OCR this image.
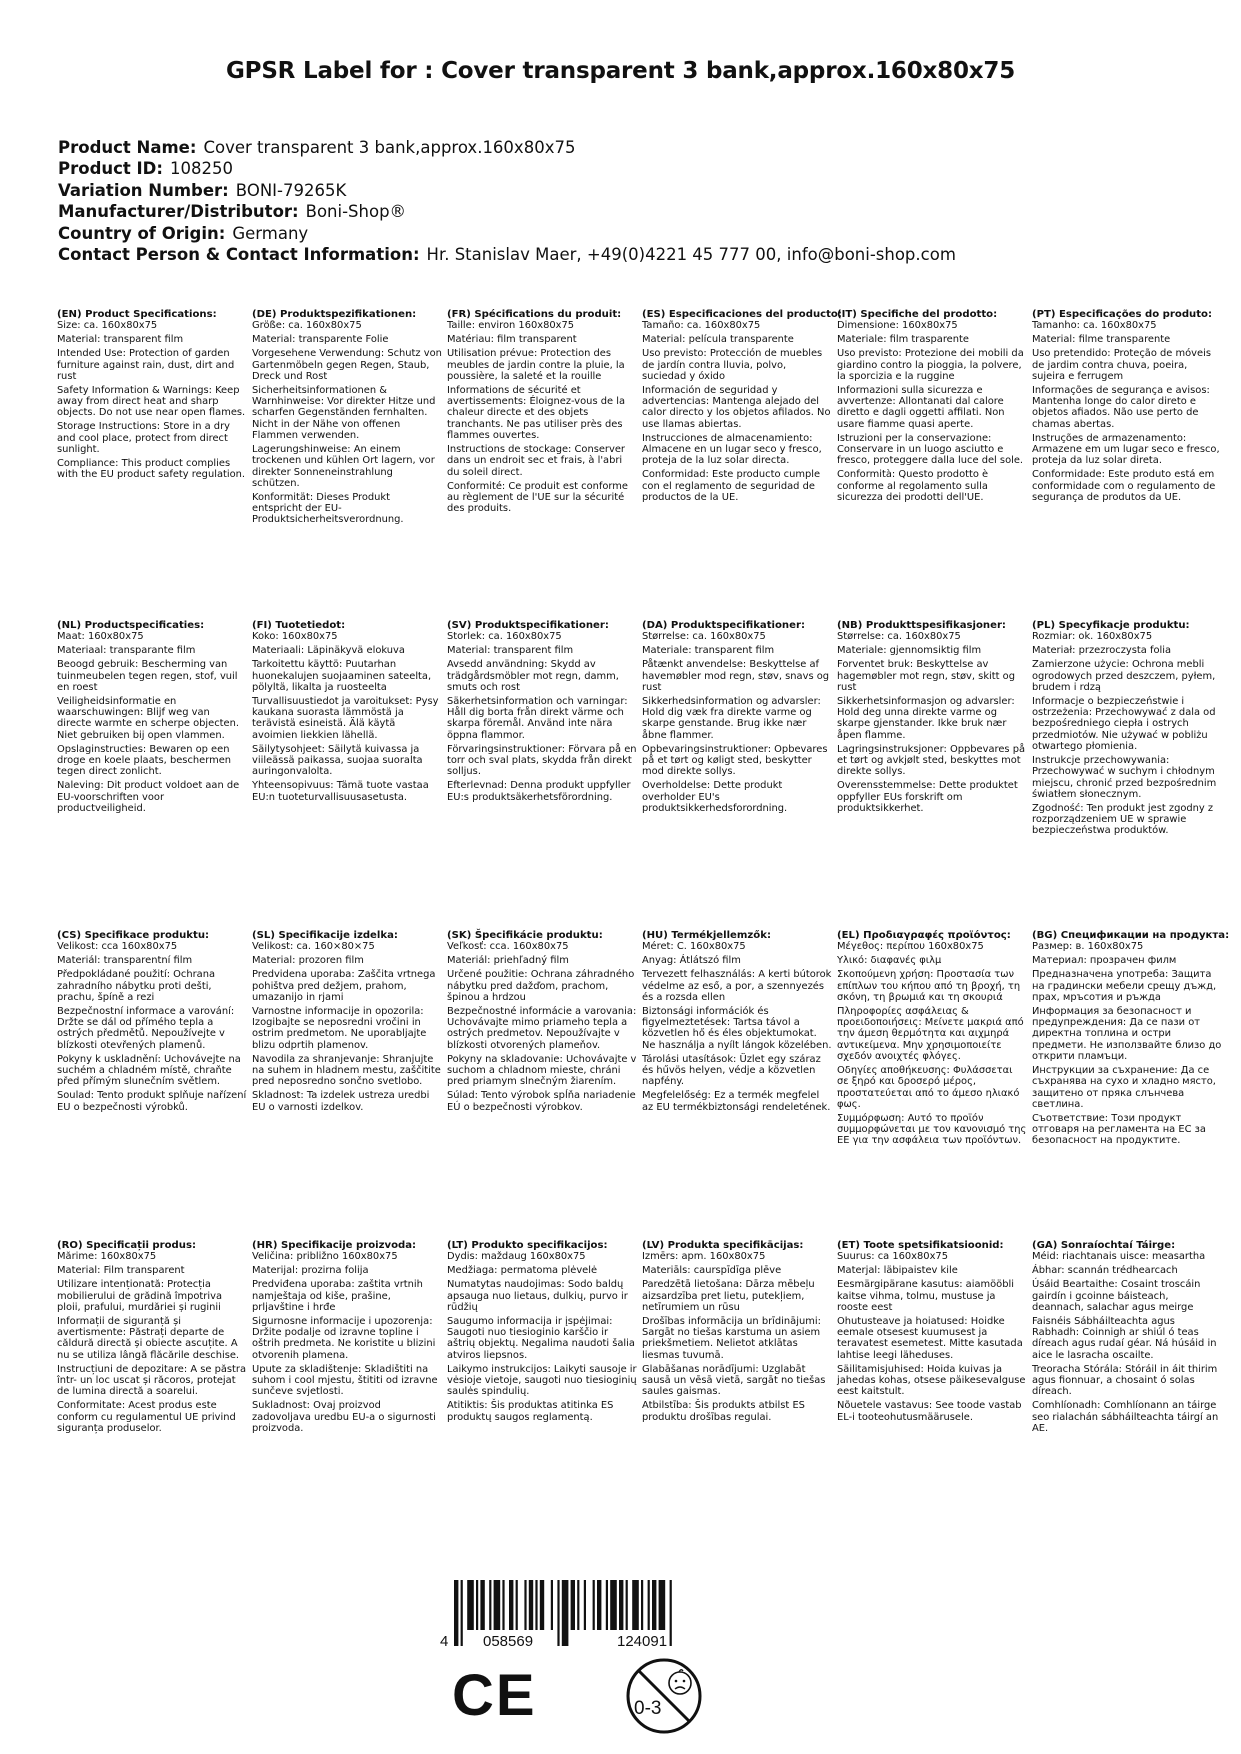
GPSR Label for : Cover transparent 3 bank,approx.160x80x75
Product Name: Cover transparent 3 bank,approx.160x80x75
Product ID: 108250
Variation Number: BONI-79265K
Manufacturer/Distributor: Boni-Shop®
Country of Origin: Germany
Contact Person & Contact Information: Hr. Stanislav Maer, +49(0)4221 45 777 00, info@boni-shop.com
(EN) Product Specifications:
Size: ca. 160x80x75
Material: transparent film
Intended Use: Protection of garden furniture against rain, dust, dirt and rust
Safety Information & Warnings: Keep away from direct heat and sharp objects. Do not use near open flames.
Storage Instructions: Store in a dry and cool place, protect from direct sunlight.
Compliance: This product complies with the EU product safety regulation.
(DE) Produktspezifikationen:
Größe: ca. 160x80x75
Material: transparente Folie
Vorgesehene Verwendung: Schutz von Gartenmöbeln gegen Regen, Staub, Dreck und Rost
Sicherheitsinformationen & Warnhinweise: Vor direkter Hitze und scharfen Gegenständen fernhalten. Nicht in der Nähe von offenen Flammen verwenden.
Lagerungshinweise: An einem trockenen und kühlen Ort lagern, vor direkter Sonneneinstrahlung schützen.
Konformität: Dieses Produkt entspricht der EU-Produktsicherheitsverordnung.
(FR) Spécifications du produit:
Taille: environ 160x80x75
Matériau: film transparent
Utilisation prévue: Protection des meubles de jardin contre la pluie, la poussière, la saleté et la rouille
Informations de sécurité et avertissements: Éloignez-vous de la chaleur directe et des objets tranchants. Ne pas utiliser près des flammes ouvertes.
Instructions de stockage: Conserver dans un endroit sec et frais, à l'abri du soleil direct.
Conformité: Ce produit est conforme au règlement de l'UE sur la sécurité des produits.
(ES) Especificaciones del producto:
Tamaño: ca. 160x80x75
Material: película transparente
Uso previsto: Protección de muebles de jardín contra lluvia, polvo, suciedad y óxido
Información de seguridad y advertencias: Mantenga alejado del calor directo y los objetos afilados. No use llamas abiertas.
Instrucciones de almacenamiento: Almacene en un lugar seco y fresco, proteja de la luz solar directa.
Conformidad: Este producto cumple con el reglamento de seguridad de productos de la UE.
(IT) Specifiche del prodotto:
Dimensione: 160x80x75
Materiale: film trasparente
Uso previsto: Protezione dei mobili da giardino contro la pioggia, la polvere, la sporcizia e la ruggine
Informazioni sulla sicurezza e avvertenze: Allontanati dal calore diretto e dagli oggetti affilati. Non usare fiamme quasi aperte.
Istruzioni per la conservazione: Conservare in un luogo asciutto e fresco, proteggere dalla luce del sole.
Conformità: Questo prodotto è conforme al regolamento sulla sicurezza dei prodotti dell'UE.
(PT) Especificações do produto:
Tamanho: ca. 160x80x75
Material: filme transparente
Uso pretendido: Proteção de móveis de jardim contra chuva, poeira, sujeira e ferrugem
Informações de segurança e avisos: Mantenha longe do calor direto e objetos afiados. Não use perto de chamas abertas.
Instruções de armazenamento: Armazene em um lugar seco e fresco, proteja da luz solar direta.
Conformidade: Este produto está em conformidade com o regulamento de segurança de produtos da UE.
(NL) Productspecificaties:
Maat: 160x80x75
Materiaal: transparante film
Beoogd gebruik: Bescherming van tuinmeubelen tegen regen, stof, vuil en roest
Veiligheidsinformatie en waarschuwingen: Blijf weg van directe warmte en scherpe objecten. Niet gebruiken bij open vlammen.
Opslaginstructies: Bewaren op een droge en koele plaats, beschermen tegen direct zonlicht.
Naleving: Dit product voldoet aan de EU-voorschriften voor productveiligheid.
(FI) Tuotetiedot:
Koko: 160x80x75
Materiaali: Läpinäkyvä elokuva
Tarkoitettu käyttö: Puutarhan huonekalujen suojaaminen sateelta, pölyltä, likalta ja ruosteelta
Turvallisuustiedot ja varoitukset: Pysy kaukana suorasta lämmöstä ja terävistä esineistä. Älä käytä avoimien liekkien lähellä.
Säilytysohjeet: Säilytä kuivassa ja viileässä paikassa, suojaa suoralta auringonvalolta.
Yhteensopivuus: Tämä tuote vastaa EU:n tuoteturvallisuusasetusta.
(SV) Produktspecifikationer:
Storlek: ca. 160x80x75
Material: transparent film
Avsedd användning: Skydd av trädgårdsmöbler mot regn, damm, smuts och rost
Säkerhetsinformation och varningar: Håll dig borta från direkt värme och skarpa föremål. Använd inte nära öppna flammor.
Förvaringsinstruktioner: Förvara på en torr och sval plats, skydda från direkt solljus.
Efterlevnad: Denna produkt uppfyller EU:s produktsäkerhetsförordning.
(DA) Produktspecifikationer:
Størrelse: ca. 160x80x75
Materiale: transparent film
Påtænkt anvendelse: Beskyttelse af havemøbler mod regn, støv, snavs og rust
Sikkerhedsinformation og advarsler: Hold dig væk fra direkte varme og skarpe genstande. Brug ikke nær åbne flammer.
Opbevaringsinstruktioner: Opbevares på et tørt og køligt sted, beskytter mod direkte sollys.
Overholdelse: Dette produkt overholder EU's produktsikkerhedsforordning.
(NB) Produkttspesifikasjoner:
Størrelse: ca. 160x80x75
Materiale: gjennomsiktig film
Forventet bruk: Beskyttelse av hagemøbler mot regn, støv, skitt og rust
Sikkerhetsinformasjon og advarsler: Hold deg unna direkte varme og skarpe gjenstander. Ikke bruk nær åpen flamme.
Lagringsinstruksjoner: Oppbevares på et tørt og avkjølt sted, beskyttes mot direkte sollys.
Overensstemmelse: Dette produktet oppfyller EUs forskrift om produktsikkerhet.
(PL) Specyfikacje produktu:
Rozmiar: ok. 160x80x75
Materiał: przezroczysta folia
Zamierzone użycie: Ochrona mebli ogrodowych przed deszczem, pyłem, brudem i rdzą
Informacje o bezpieczeństwie i ostrzeżenia: Przechowywać z dala od bezpośredniego ciepła i ostrych przedmiotów. Nie używać w pobliżu otwartego płomienia.
Instrukcje przechowywania: Przechowywać w suchym i chłodnym miejscu, chronić przed bezpośrednim światłem słonecznym.
Zgodność: Ten produkt jest zgodny z rozporządzeniem UE w sprawie bezpieczeństwa produktów.
(CS) Specifikace produktu:
Velikost: cca 160x80x75
Materiál: transparentní film
Předpokládané použití: Ochrana zahradního nábytku proti dešti, prachu, špíně a rezi
Bezpečnostní informace a varování: Držte se dál od přímého tepla a ostrých předmětů. Nepoužívejte v blízkosti otevřených plamenů.
Pokyny k uskladnění: Uchovávejte na suchém a chladném místě, chraňte před přímým slunečním světlem.
Soulad: Tento produkt splňuje nařízení EU o bezpečnosti výrobků.
(SL) Specifikacije izdelka:
Velikost: ca. 160×80×75
Material: prozoren film
Predvidena uporaba: Zaščita vrtnega pohištva pred dežjem, prahom, umazanijo in rjami
Varnostne informacije in opozorila: Izogibajte se neposredni vročini in ostrim predmetom. Ne uporabljajte blizu odprtih plamenov.
Navodila za shranjevanje: Shranjujte na suhem in hladnem mestu, zaščitite pred neposredno sončno svetlobo.
Skladnost: Ta izdelek ustreza uredbi EU o varnosti izdelkov.
(SK) Špecifikácie produktu:
Veľkosť: cca. 160x80x75
Materiál: priehľadný film
Určené použitie: Ochrana záhradného nábytku pred dažďom, prachom, špinou a hrdzou
Bezpečnostné informácie a varovania: Uchovávajte mimo priameho tepla a ostrých predmetov. Nepoužívajte v blízkosti otvorených plameňov.
Pokyny na skladovanie: Uchovávajte v suchom a chladnom mieste, chráni pred priamym slnečným žiarením.
Súlad: Tento výrobok spĺňa nariadenie EÚ o bezpečnosti výrobkov.
(HU) Termékjellemzők:
Méret: C. 160x80x75
Anyag: Átlátszó film
Tervezett felhasználás: A kerti bútorok védelme az eső, a por, a szennyezés és a rozsda ellen
Biztonsági információk és figyelmeztetések: Tartsa távol a közvetlen hő és éles objektumokat. Ne használja a nyílt lángok közelében.
Tárolási utasítások: Üzlet egy száraz és hűvös helyen, védje a közvetlen napfény.
Megfelelőség: Ez a termék megfelel az EU termékbiztonsági rendeletének.
(EL) Προδιαγραφές προϊόντος:
Μέγεθος: περίπου 160x80x75
Υλικό: διαφανές φιλμ
Σκοπούμενη χρήση: Προστασία των επίπλων του κήπου από τη βροχή, τη σκόνη, τη βρωμιά και τη σκουριά
Πληροφορίες ασφάλειας & προειδοποιήσεις: Μείνετε μακριά από την άμεση θερμότητα και αιχμηρά αντικείμενα. Μην χρησιμοποιείτε σχεδόν ανοιχτές φλόγες.
Οδηγίες αποθήκευσης: Φυλάσσεται σε ξηρό και δροσερό μέρος, προστατεύεται από το άμεσο ηλιακό φως.
Συμμόρφωση: Αυτό το προϊόν συμμορφώνεται με τον κανονισμό της ΕΕ για την ασφάλεια των προϊόντων.
(BG) Спецификации на продукта:
Размер: в. 160x80x75
Материал: прозрачен филм
Предназначена употреба: Защита на градински мебели срещу дъжд, прах, мръсотия и ръжда
Информация за безопасност и предупреждения: Да се пази от директна топлина и остри предмети. Не използвайте близо до открити пламъци.
Инструкции за съхранение: Да се съхранява на сухо и хладно място, защитено от пряка слънчева светлина.
Съответствие: Този продукт отговаря на регламента на ЕС за безопасност на продуктите.
(RO) Specificații produs:
Mărime: 160x80x75
Material: Film transparent
Utilizare intenționată: Protecția mobilierului de grădină împotriva ploii, prafului, murdăriei și ruginii
Informații de siguranță și avertismente: Păstrați departe de căldură directă și obiecte ascuțite. A nu se utiliza lângă flăcările deschise.
Instrucțiuni de depozitare: A se păstra într- un loc uscat și răcoros, protejat de lumina directă a soarelui.
Conformitate: Acest produs este conform cu regulamentul UE privind siguranța produselor.
(HR) Specifikacije proizvoda:
Veličina: približno 160x80x75
Materijal: prozirna folija
Predviđena uporaba: zaštita vrtnih namještaja od kiše, prašine, prljavštine i hrđe
Sigurnosne informacije i upozorenja: Držite podalje od izravne topline i oštrih predmeta. Ne koristite u blizini otvorenih plamena.
Upute za skladištenje: Skladištiti na suhom i cool mjestu, štititi od izravne sunčeve svjetlosti.
Sukladnost: Ovaj proizvod zadovoljava uredbu EU-a o sigurnosti proizvoda.
(LT) Produkto specifikacijos:
Dydis: maždaug 160x80x75
Medžiaga: permatoma plėvelė
Numatytas naudojimas: Sodo baldų apsauga nuo lietaus, dulkių, purvo ir rūdžių
Saugumo informacija ir įspėjimai: Saugoti nuo tiesioginio karščio ir aštrių objektų. Negalima naudoti šalia atviros liepsnos.
Laikymo instrukcijos: Laikyti sausoje ir vėsioje vietoje, saugoti nuo tiesioginių saulės spindulių.
Atitiktis: Šis produktas atitinka ES produktų saugos reglamentą.
(LV) Produkta specifikācijas:
Izmērs: apm. 160x80x75
Materiāls: caurspīdīga plēve
Paredzētā lietošana: Dārza mēbeļu aizsardzība pret lietu, putekļiem, netīrumiem un rūsu
Drošības informācija un brīdinājumi: Sargāt no tiešas karstuma un asiem priekšmetiem. Nelietot atklātas liesmas tuvumā.
Glabāšanas norādījumi: Uzglabāt sausā un vēsā vietā, sargāt no tiešas saules gaismas.
Atbilstība: Šis produkts atbilst ES produktu drošības regulai.
(ET) Toote spetsifikatsioonid:
Suurus: ca 160x80x75
Materjal: läbipaistev kile
Eesmärgipärane kasutus: aiamööbli kaitse vihma, tolmu, mustuse ja rooste eest
Ohutusteave ja hoiatused: Hoidke eemale otsesest kuumusest ja teravatest esemetest. Mitte kasutada lahtise leegi läheduses.
Säilitamisjuhised: Hoida kuivas ja jahedas kohas, otsese päikesevalguse eest kaitstult.
Nõuetele vastavus: See toode vastab EL-i tooteohutusmäärusele.
(GA) Sonraíochtaí Táirge:
Méid: riachtanais uisce: measartha
Ábhar: scannán trédhearcach
Úsáid Beartaithe: Cosaint troscáin gairdín i gcoinne báisteach, deannach, salachar agus meirge
Faisnéis Sábháilteachta agus Rabhadh: Coinnigh ar shiúl ó teas díreach agus rudaí géar. Ná húsáid in aice le lasracha oscailte.
Treoracha Stórála: Stóráil in áit thirim agus fionnuar, a chosaint ó solas díreach.
Comhlíonadh: Comhlíonann an táirge seo rialachán sábháilteachta táirgí an AE.
4 058569	124091
CE	0-3
